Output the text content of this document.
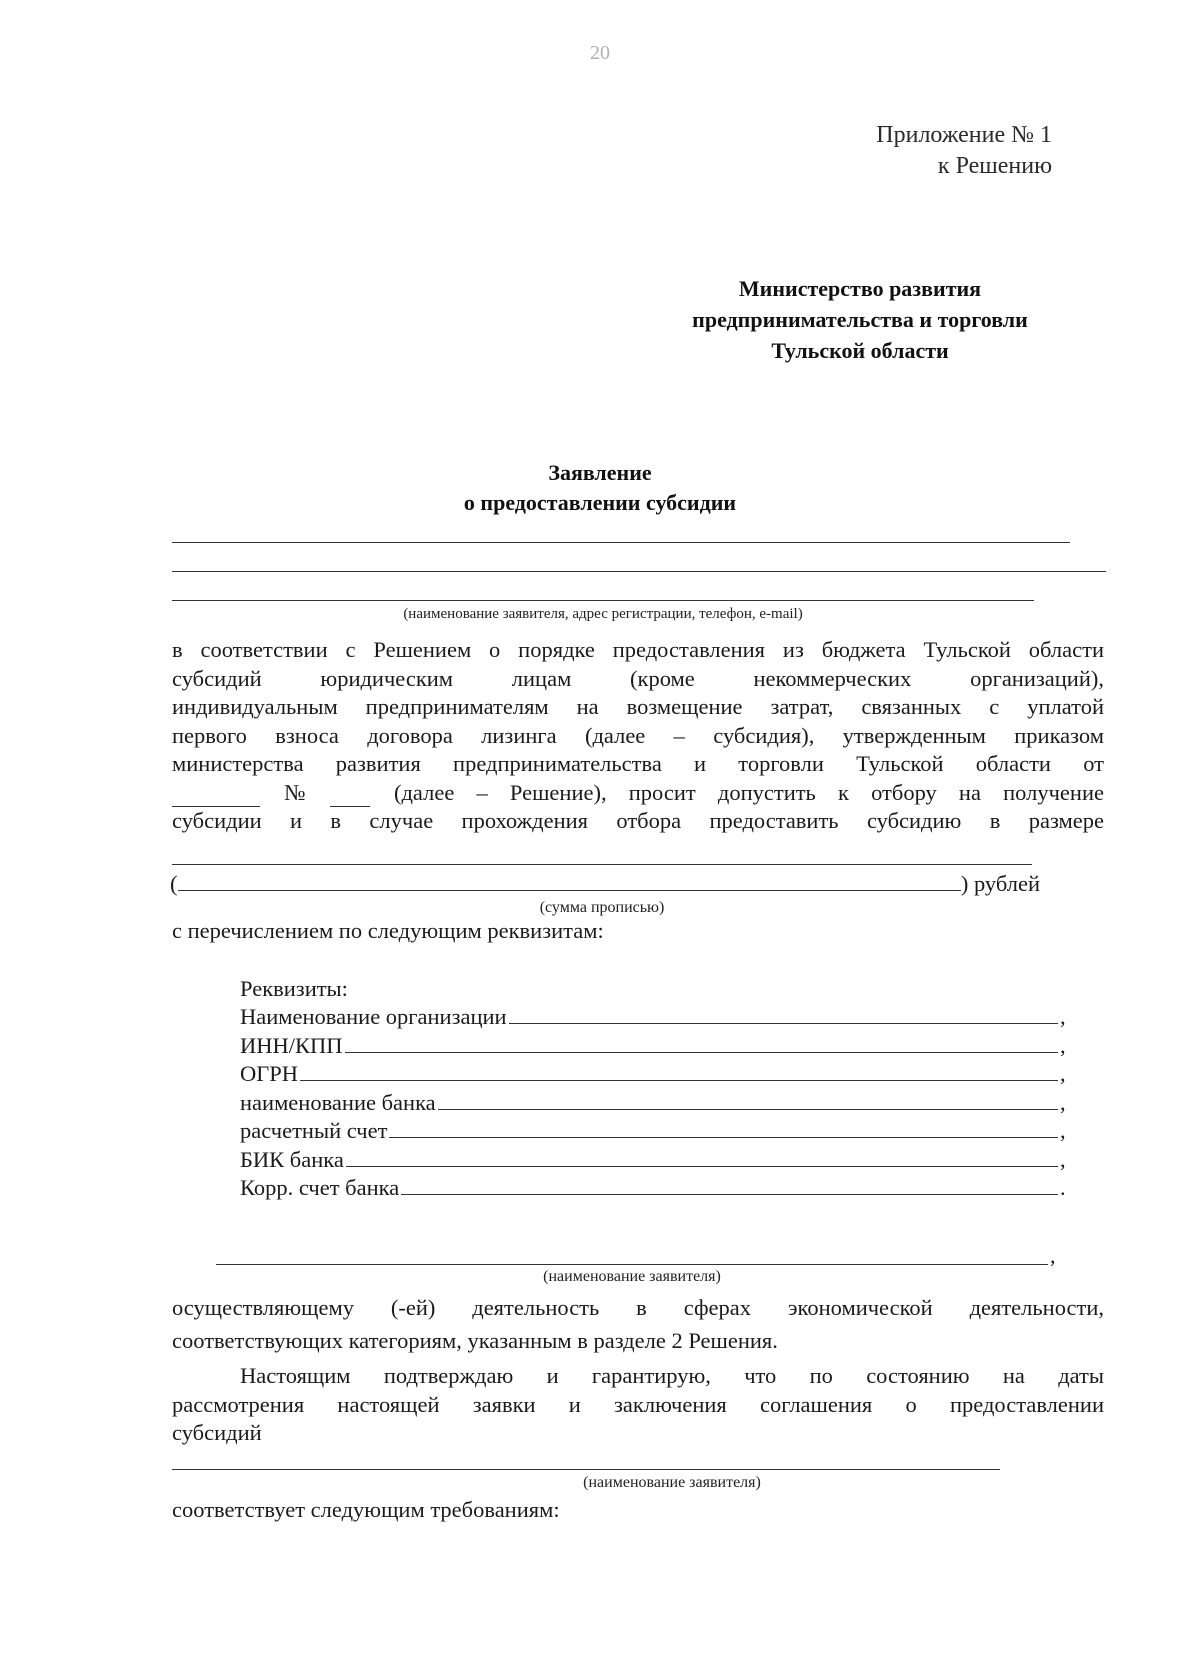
20
Приложение № 1
к Решению
Министерство развития
предпринимательства и торговли
Тульской области
Заявление
о предоставлении субсидии
(наименование заявителя, адрес регистрации, телефон, e-mail)
в соответствии с Решением о порядке предоставления из бюджета Тульской области
субсидий юридическим лицам (кроме некоммерческих организаций),
индивидуальным предпринимателям на возмещение затрат, связанных с уплатой
первого взноса договора лизинга (далее – субсидия), утвержденным приказом
министерства развития предпринимательства и торговли Тульской области от
№	(далее – Решение), просит допустить к отбору на получение
субсидии и в случае прохождения отбора предоставить субсидию в размере
(	) рублей
(сумма прописью)
с перечислением по следующим реквизитам:
Реквизиты:
Наименование организации	,
ИНН/КПП	,
ОГРН	,
наименование банка	,
расчетный счет	,
БИК банка	,
Корр. счет банка	.
,
(наименование заявителя)
осуществляющему (-ей) деятельность в сферах экономической деятельности,
соответствующих категориям, указанным в разделе 2 Решения.
Настоящим подтверждаю и гарантирую, что по состоянию на даты
рассмотрения настоящей заявки и заключения соглашения о предоставлении
субсидий
(наименование заявителя)
соответствует следующим требованиям:
